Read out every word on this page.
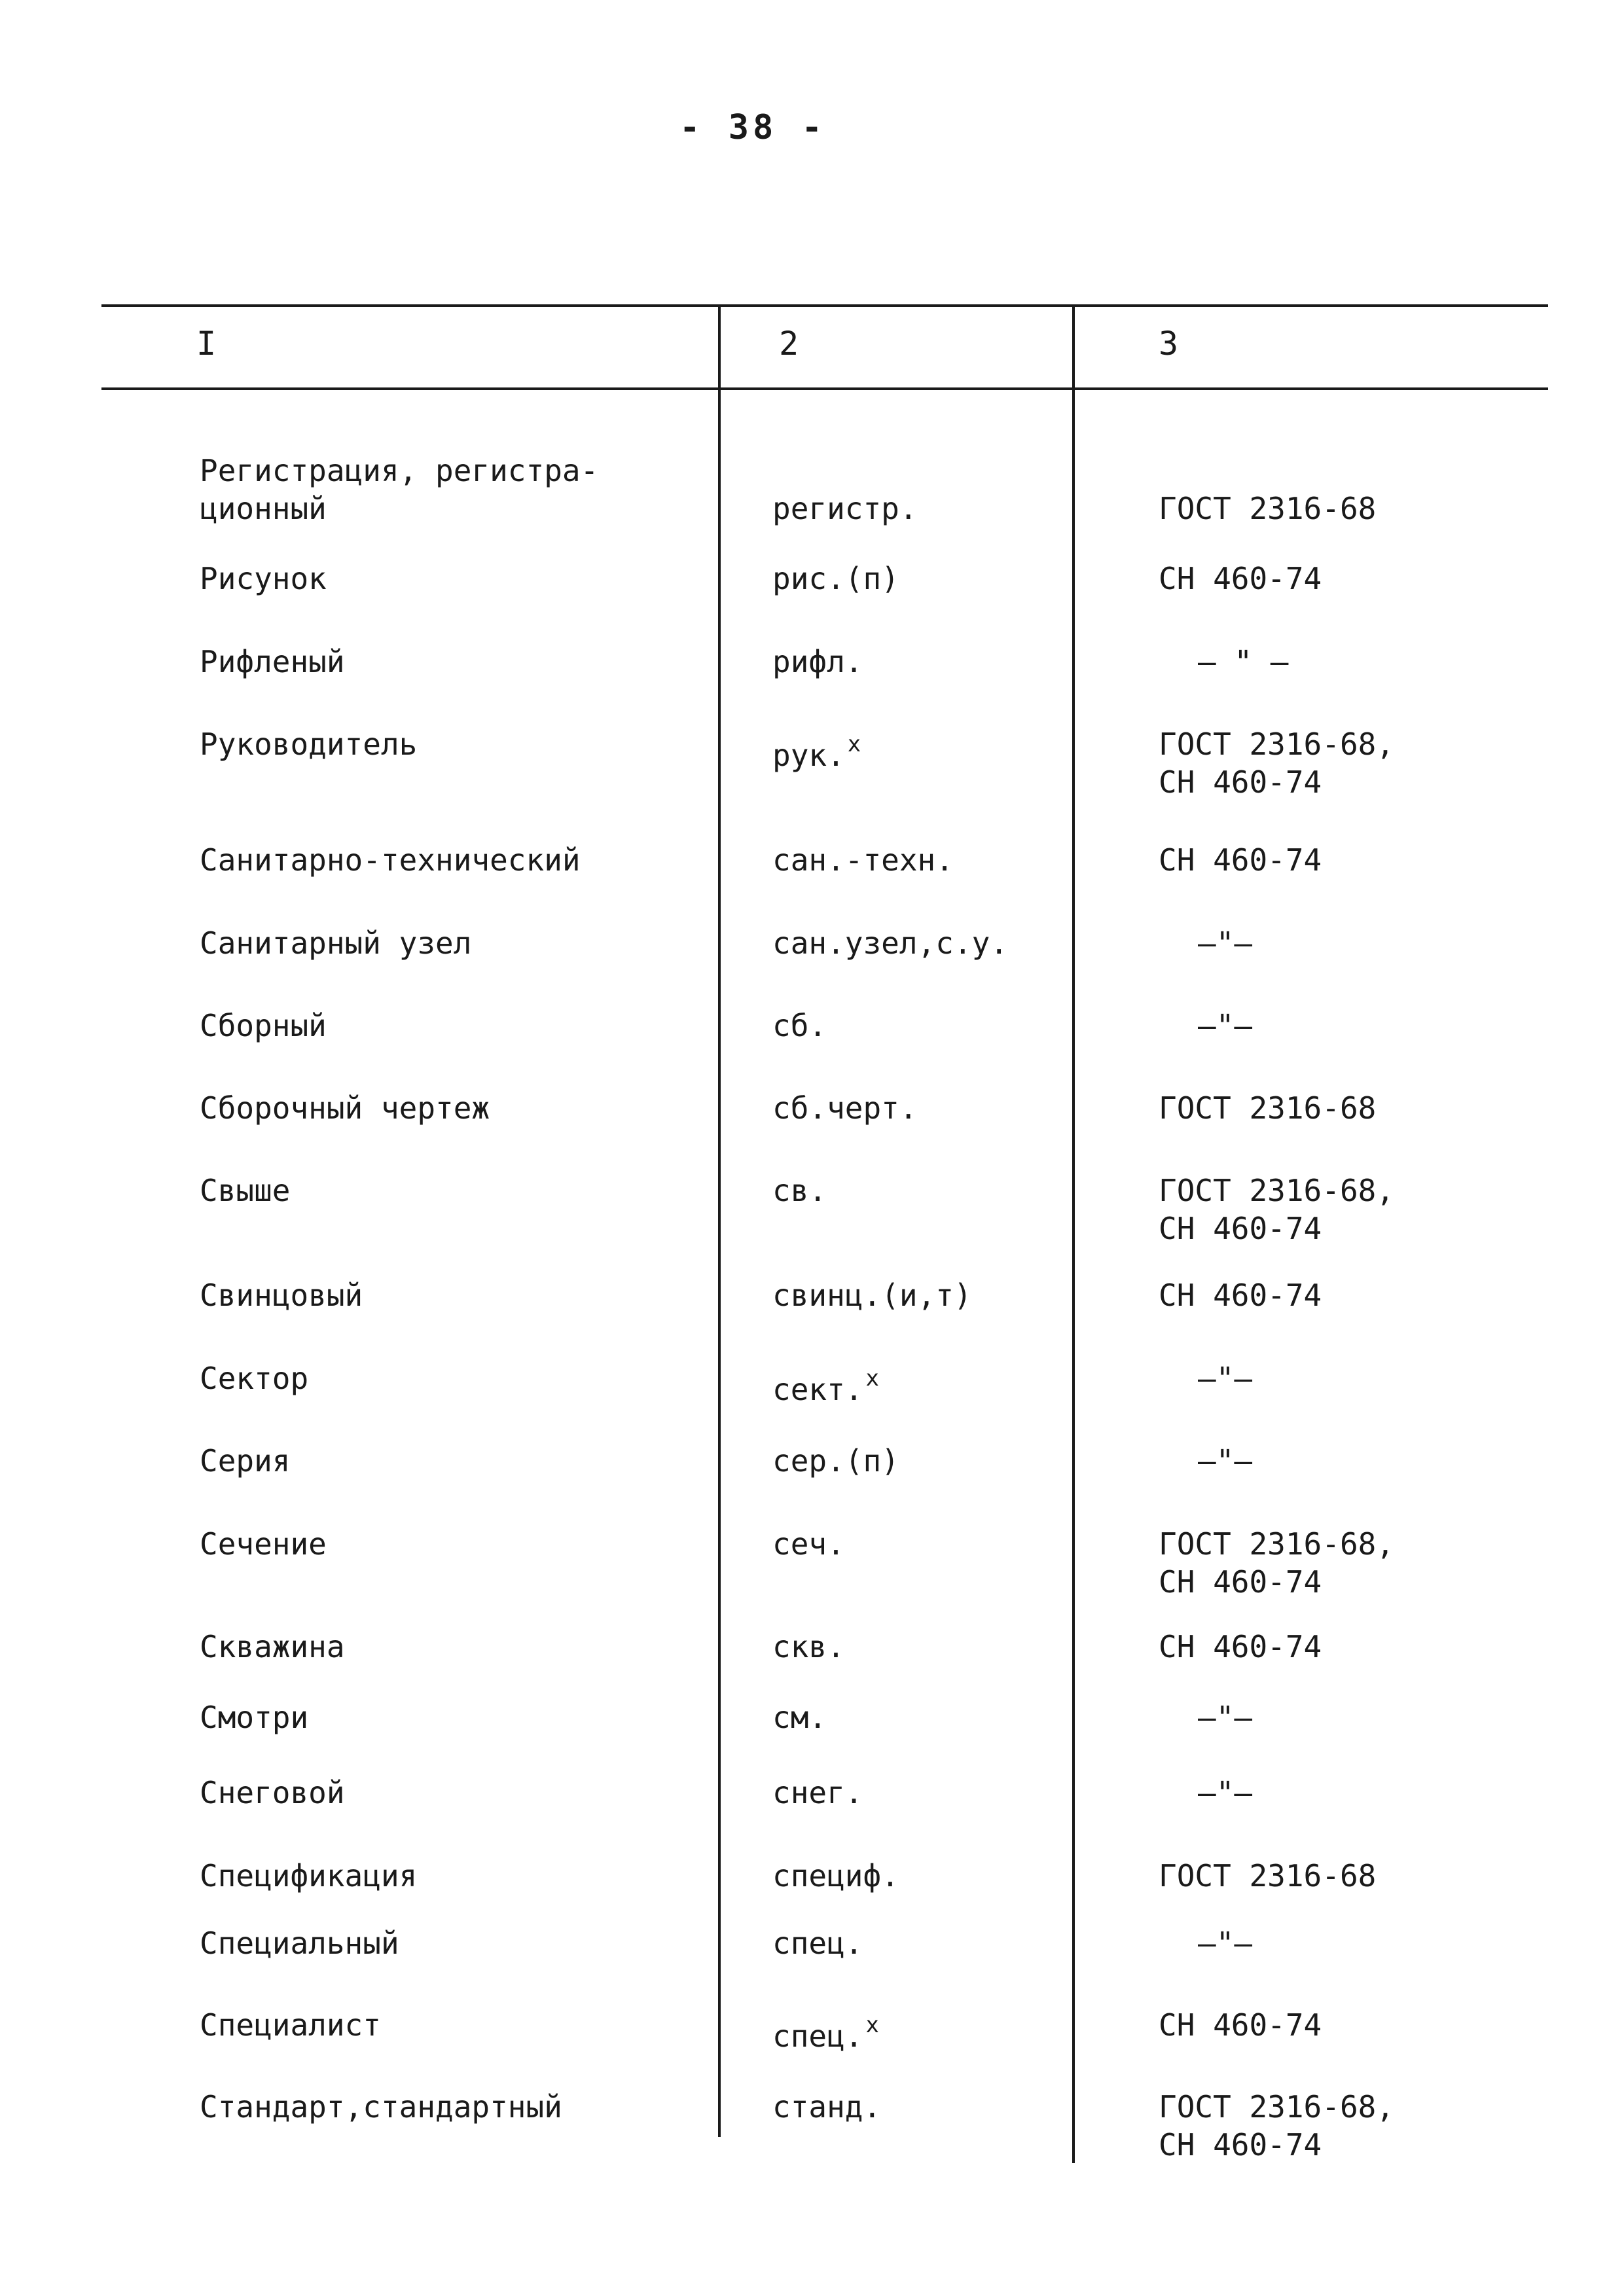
- 38 -
I	2	3
Регистрация, регистра-
ционный	регистр.	ГОСТ 2316-68
Рисунок	рис.(п)	СН 460-74
Рифленый	рифл.	– " –
Руководитель	рук. $^х$	ГОСТ 2316-68,
СН 460-74
Санитарно-технический	сан.-техн.	СН 460-74
Санитарный узел	сан.узел,с.у.	–"–
Сборный	сб.	–"–
Сборочный чертеж	сб.черт.	ГОСТ 2316-68
Свыше	св.	ГОСТ 2316-68,
СН 460-74
Свинцовый	свинц.(и,т)	СН 460-74
Сектор	сект. $^х$	–"–
Серия	сер.(п)	–"–
Сечение	сеч.	ГОСТ 2316-68,
СН 460-74
Скважина	скв.	СН 460-74
Смотри	см.	–"–
Снеговой	снег.	–"–
Спецификация	специф.	ГОСТ 2316-68
Специальный	спец.	–"–
Специалист	спец. $^х$	СН 460-74
Стандарт,стандартный	станд.	ГОСТ 2316-68,
СН 460-74
